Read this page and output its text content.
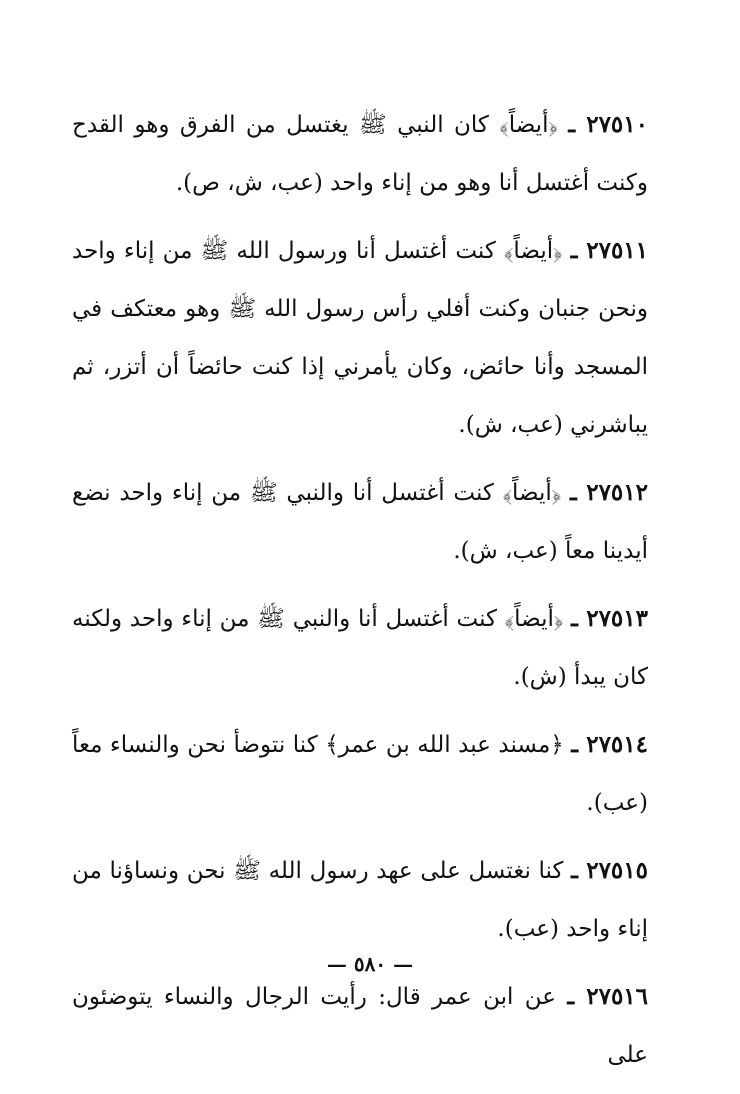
٢٧٥١٠ ـ ﴿أيضاً﴾ كان النبي ﷺ يغتسل من الفرق وهو القدح وكنت أغتسل أنا وهو من إناء واحد (عب، ش، ص).

٢٧٥١١ ـ ﴿أيضاً﴾ كنت أغتسل أنا ورسول الله ﷺ من إناء واحد ونحن جنبان وكنت أفلي رأس رسول الله ﷺ وهو معتكف في المسجد وأنا حائض، وكان يأمرني إذا كنت حائضاً أن أتزر، ثم يباشرني (عب، ش).

٢٧٥١٢ ـ ﴿أيضاً﴾ كنت أغتسل أنا والنبي ﷺ من إناء واحد نضع أيدينا معاً (عب، ش).

٢٧٥١٣ ـ ﴿أيضاً﴾ كنت أغتسل أنا والنبي ﷺ من إناء واحد ولكنه كان يبدأ (ش).

٢٧٥١٤ ـ ﴿مسند عبد الله بن عمر﴾ كنا نتوضأ نحن والنساء معاً (عب).

٢٧٥١٥ ـ كنا نغتسل على عهد رسول الله ﷺ نحن ونساؤنا من إناء واحد (عب).

٢٧٥١٦ ـ عن ابن عمر قال: رأيت الرجال والنساء يتوضئون على

— ٥٨٠ —
